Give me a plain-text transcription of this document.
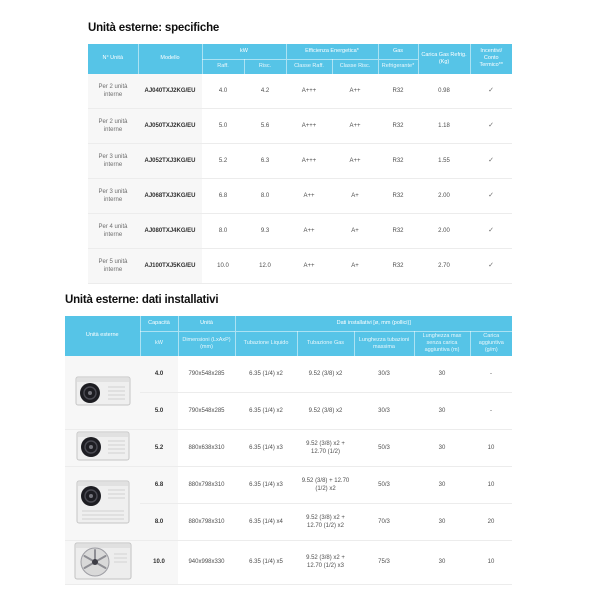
Unità esterne: specifiche
N° Unità	Modello	kW		Efficienza Energetica*		Gas	Carica Gas Refrig. (Kg)	Incentivi/ Conto Termico**
		Raff.	Risc.	Classe Raff.	Classe Risc.	Refrigerante*		
Per 2 unità interne	AJ040TXJ2KG/EU	4.0	4.2	A+++	A++	R32	0.98	✓
Per 2 unità interne	AJ050TXJ2KG/EU	5.0	5.6	A+++	A++	R32	1.18	✓
Per 3 unità interne	AJ052TXJ3KG/EU	5.2	6.3	A+++	A++	R32	1.55	✓
Per 3 unità interne	AJ068TXJ3KG/EU	6.8	8.0	A++	A+	R32	2.00	✓
Per 4 unità interne	AJ080TXJ4KG/EU	8.0	9.3	A++	A+	R32	2.00	✓
Per 5 unità interne	AJ100TXJ5KG/EU	10.0	12.0	A++	A+	R32	2.70	✓
Unità esterne: dati installativi
Unità esterne	Capacità	Unità	Dati installativi [ø, mm (pollici)]				
	kW	Dimensioni (LxAxP)(mm)	Tubazione Liquido	Tubazione Gas	Lunghezza tubazioni massima	Lunghezza max senza carica aggiuntiva (m)	Carica aggiuntiva (g/m)
	4.0	790x548x285	6.35 (1/4) x2	9.52 (3/8) x2	30/3	30	-
	5.0	790x548x285	6.35 (1/4) x2	9.52 (3/8) x2	30/3	30	-
	5.2	880x638x310	6.35 (1/4) x3	9.52 (3/8) x2 + 12.70 (1/2)	50/3	30	10
	6.8	880x798x310	6.35 (1/4) x3	9.52 (3/8) + 12.70 (1/2) x2	50/3	30	10
	8.0	880x798x310	6.35 (1/4) x4	9.52 (3/8) x2 + 12.70 (1/2) x2	70/3	30	20
	10.0	940x998x330	6.35 (1/4) x5	9.52 (3/8) x2 + 12.70 (1/2) x3	75/3	30	10
